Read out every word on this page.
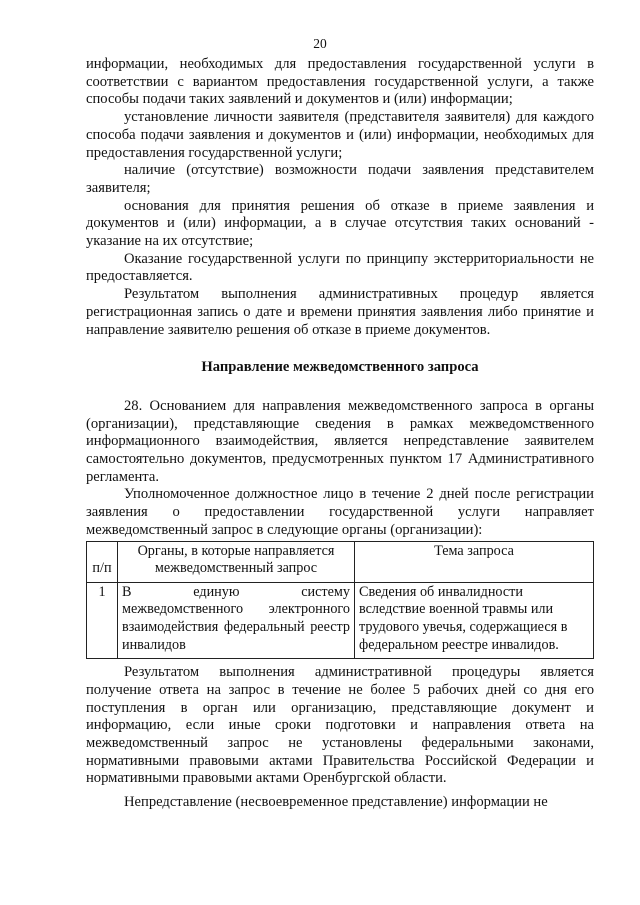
20

информации, необходимых для предоставления государственной услуги в соответствии с вариантом предоставления государственной услуги, а также способы подачи таких заявлений и документов и (или) информации;

установление личности заявителя (представителя заявителя) для каждого способа подачи заявления и документов и (или) информации, необходимых для предоставления государственной услуги;

наличие (отсутствие) возможности подачи заявления представителем заявителя;

основания для принятия решения об отказе в приеме заявления и документов и (или) информации, а в случае отсутствия таких оснований - указание на их отсутствие;

Оказание государственной услуги по принципу экстерриториальности не предоставляется.

Результатом выполнения административных процедур является регистрационная запись о дате и времени принятия заявления либо принятие и направление заявителю решения об отказе в приеме документов.

Направление межведомственного запроса

28. Основанием для направления межведомственного запроса в органы (организации), представляющие сведения в рамках межведомственного информационного взаимодействия, является непредставление заявителем самостоятельно документов, предусмотренных пунктом 17 Административного регламента.

Уполномоченное должностное лицо в течение 2 дней после регистрации заявления о предоставлении государственной услуги направляет межведомственный запрос в следующие органы (организации):

п/п	Органы, в которые направляется межведомственный запрос	Тема запроса
1	В единую систему межведомственного электронного взаимодействия федеральный реестр инвалидов	Сведения об инвалидности вследствие военной травмы или трудового увечья, содержащиеся в федеральном реестре инвалидов.

Результатом выполнения административной процедуры является получение ответа на запрос в течение не более 5 рабочих дней со дня его поступления в орган или организацию, представляющие документ и информацию, если иные сроки подготовки и направления ответа на межведомственный запрос не установлены федеральными законами, нормативными правовыми актами Правительства Российской Федерации и нормативными правовыми актами Оренбургской области.

Непредставление (несвоевременное представление) информации не
